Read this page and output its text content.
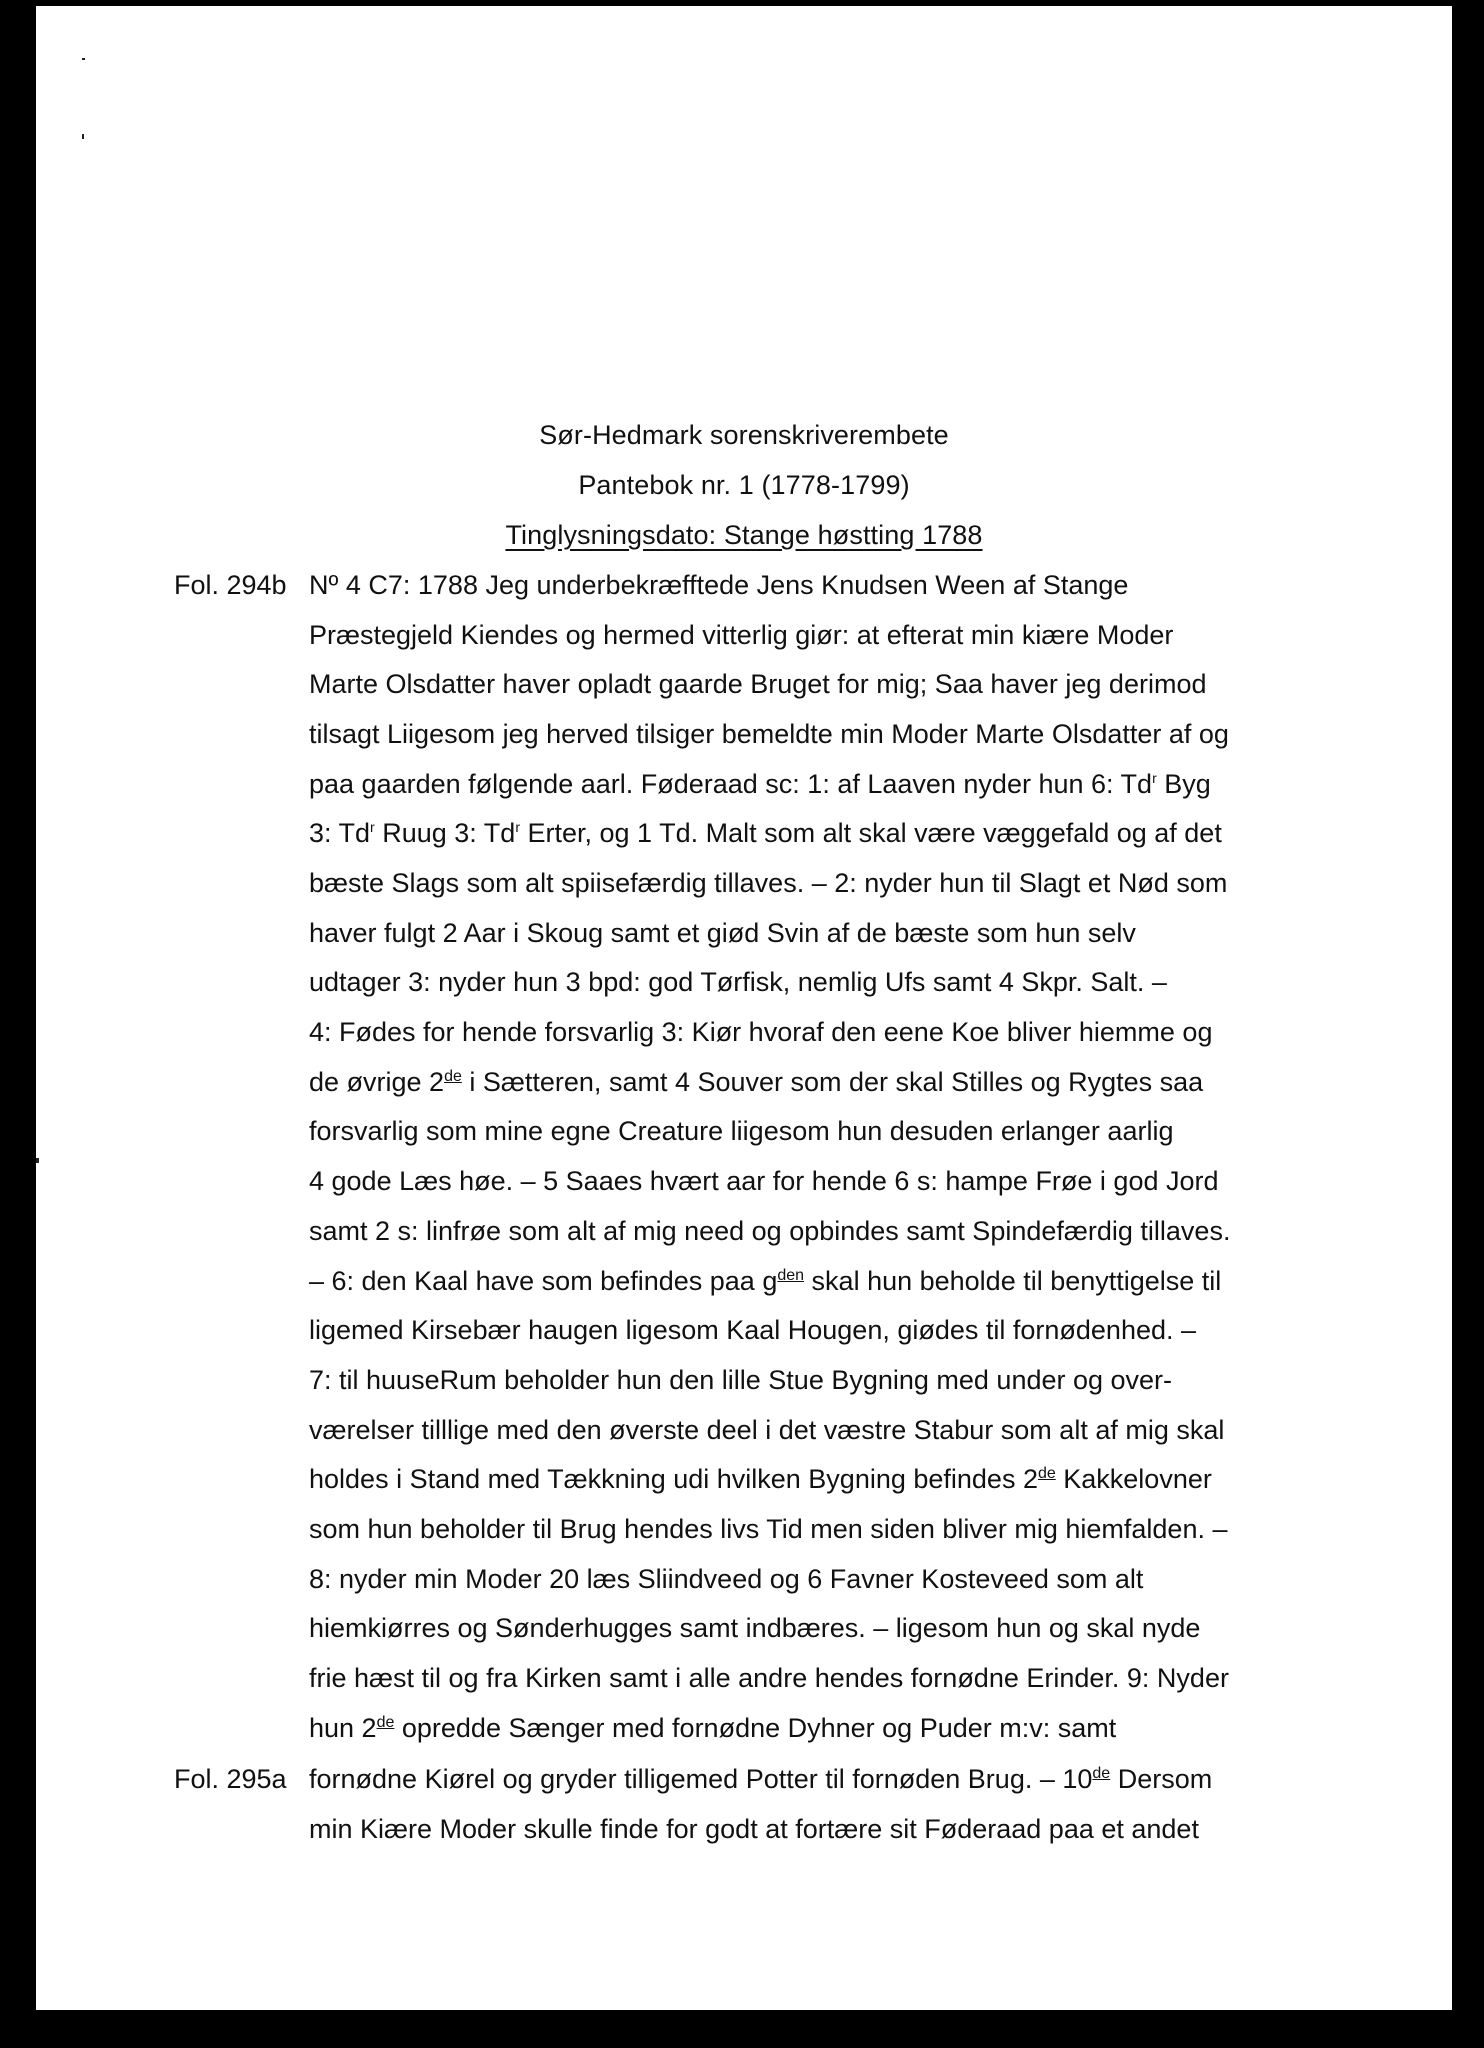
Sør-Hedmark sorenskriverembete
Pantebok nr. 1 (1778-1799)
Tinglysningsdato: Stange høstting 1788
Fol. 294b
Fol. 295a
Nº 4 C7: 1788 Jeg underbekræfftede Jens Knudsen Ween af Stange
Præstegjeld Kiendes og hermed vitterlig giør: at efterat min kiære Moder
Marte Olsdatter haver opladt gaarde Bruget for mig; Saa haver jeg derimod
tilsagt Liigesom jeg herved tilsiger bemeldte min Moder Marte Olsdatter af og
paa gaarden følgende aarl. Føderaad sc: 1: af Laaven nyder hun 6: Td$^r$ Byg
3: Td$^r$ Ruug 3: Td$^r$ Erter, og 1 Td. Malt som alt skal være væggefald og af det
bæste Slags som alt spiisefærdig tillaves. – 2: nyder hun til Slagt et Nød som
haver fulgt 2 Aar i Skoug samt et giød Svin af de bæste som hun selv
udtager 3: nyder hun 3 bpd: god Tørfisk, nemlig Ufs samt 4 Skpr. Salt. –
4: Fødes for hende forsvarlig 3: Kiør hvoraf den eene Koe bliver hiemme og
de øvrige 2de i Sætteren, samt 4 Souver som der skal Stilles og Rygtes saa
forsvarlig som mine egne Creature liigesom hun desuden erlanger aarlig
4 gode Læs høe. – 5 Saaes hvært aar for hende 6 s: hampe Frøe i god Jord
samt 2 s: linfrøe som alt af mig need og opbindes samt Spindefærdig tillaves.
– 6: den Kaal have som befindes paa $g^{den}$ skal hun beholde til benyttigelse til
ligemed Kirsebær haugen ligesom Kaal Hougen, giødes til fornødenhed. –
7: til huuseRum beholder hun den lille Stue Bygning med under og over-
værelser tilllige med den øverste deel i det væstre Stabur som alt af mig skal
holdes i Stand med Tækkning udi hvilken Bygning befindes 2de Kakkelovner
som hun beholder til Brug hendes livs Tid men siden bliver mig hiemfalden. –
8: nyder min Moder 20 læs Sliindveed og 6 Favner Kosteveed som alt
hiemkiørres og Sønderhugges samt indbæres. – ligesom hun og skal nyde
frie hæst til og fra Kirken samt i alle andre hendes fornødne Erinder. 9: Nyder
hun 2de opredde Sænger med fornødne Dyhner og Puder m:v: samt
fornødne Kiørel og gryder tilligemed Potter til fornøden Brug. – 10de Dersom
min Kiære Moder skulle finde for godt at fortære sit Føderaad paa et andet
